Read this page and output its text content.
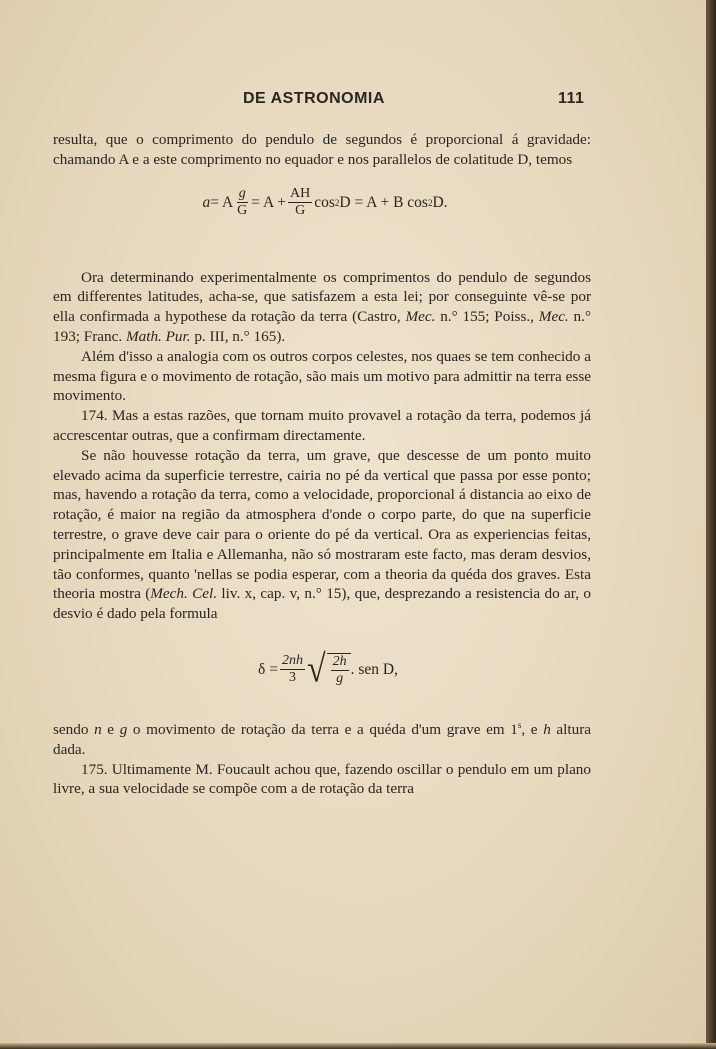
DE ASTRONOMIA	111

resulta, que o comprimento do pendulo de segundos é proporcional á gravidade: chamando A e a este comprimento no equador e nos parallelos de colatitude D, temos

a = A $\frac{g}{G} = A + \frac{AH}{G}$ cos 2 D = A + B cos 2 D.

Ora determinando experimentalmente os comprimentos do pendulo de segundos em differentes latitudes, acha-se, que satisfazem a esta lei; por conseguinte vê-se por ella confirmada a hypothese da rotação da terra (Castro, Mec. n.° 155; Poiss., Mec. n.° 193; Franc. Math. Pur. p. III, n.° 165).

Além d'isso a analogia com os outros corpos celestes, nos quaes se tem conhecido a mesma figura e o movimento de rotação, são mais um motivo para admittir na terra esse movimento.

174. Mas a estas razões, que tornam muito provavel a rotação da terra, podemos já accrescentar outras, que a confirmam directamente.

Se não houvesse rotação da terra, um grave, que descesse de um ponto muito elevado acima da superficie terrestre, cairia no pé da vertical que passa por esse ponto; mas, havendo a rotação da terra, como a velocidade, proporcional á distancia ao eixo de rotação, é maior na região da atmosphera d'onde o corpo parte, do que na superficie terrestre, o grave deve cair para o oriente do pé da vertical. Ora as experiencias feitas, principalmente em Italia e Allemanha, não só mostraram este facto, mas deram desvios, tão conformes, quanto 'nellas se podia esperar, com a theoria da quéda dos graves. Esta theoria mostra (Mech. Cel. liv. x, cap. v, n.° 15), que, desprezando a resistencia do ar, o desvio é dado pela formula

$\delta = \frac{2nh}{3}$ √ $\frac{2h}{g}$ . sen D,

sendo n e g o movimento de rotação da terra e a quéda d'um grave em 1$^s$, e h altura dada.

175. Ultimamente M. Foucault achou que, fazendo oscillar o pendulo em um plano livre, a sua velocidade se compõe com a de rotação da terra
